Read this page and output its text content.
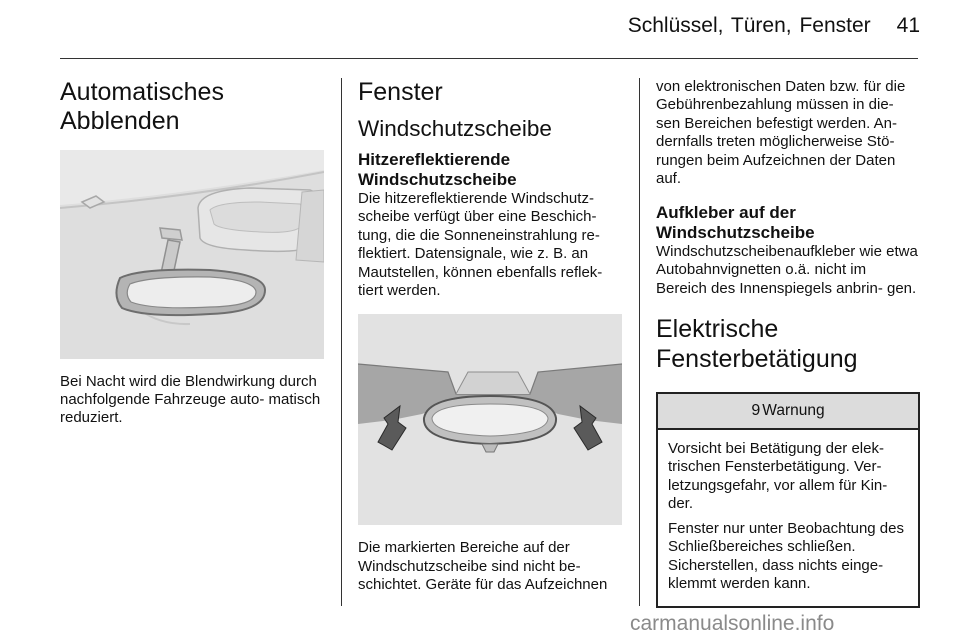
Schlüssel, Türen, Fenster 41
Automatisches Abblenden

Bei Nacht wird die Blendwirkung durch nachfolgende Fahrzeuge auto- matisch reduziert.

Fenster
Windschutzscheibe
Hitzereflektierende Windschutzscheibe

Die hitzereflektierende Windschutz- scheibe verfügt über eine Beschich- tung, die die Sonneneinstrahlung re- flektiert. Datensignale, wie z. B. an Mautstellen, können ebenfalls reflek- tiert werden.

Die markierten Bereiche auf der Windschutzscheibe sind nicht be- schichtet. Geräte für das Aufzeichnen

von elektronischen Daten bzw. für die Gebührenbezahlung müssen in die- sen Bereichen befestigt werden. An- dernfalls treten möglicherweise Stö- rungen beim Aufzeichnen der Daten auf.

Aufkleber auf der Windschutzscheibe

Windschutzscheibenaufkleber wie etwa Autobahnvignetten o.ä. nicht im Bereich des Innenspiegels anbrin- gen.

Elektrische Fensterbetätigung
9 Warnung

Vorsicht bei Betätigung der elek- trischen Fensterbetätigung. Ver- letzungsgefahr, vor allem für Kin- der.

Fenster nur unter Beobachtung des Schließbereiches schließen. Sicherstellen, dass nichts einge- klemmt werden kann.

carmanualsonline.info
